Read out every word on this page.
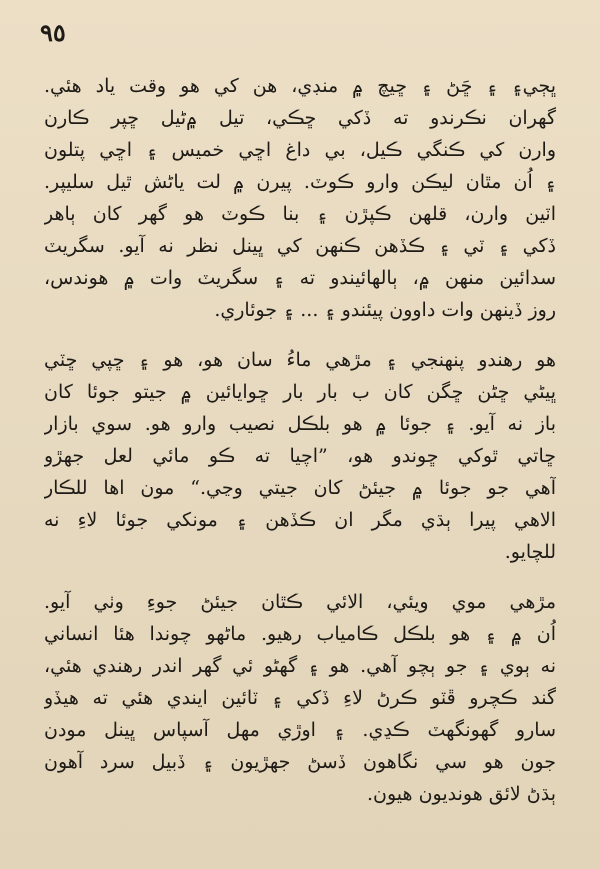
٩٥
ڀڄي۽ ۽ ڇَڻ ۽ ڇيچ ۾ منڊي، هن کي هو وقت ياد هئي.
گهران نڪرندو ته ڏکي ڇڪي، تيل ۾ڻيل ڇپر ڪارن
وارن کي ڪنگي ڪيل، بي داغ اڇي خميس ۽ اڇي پتلون
۽ اُن مٿان ليڪن وارو ڪوٽ. پيرن ۾ لت ياڻش ٿيل سليپر.
اٽين وارن، قلهن ڪپڙن ۽ بنا ڪوٽ هو گهر کان ٻاهر
ڏکي ۽ ٽي ۽ ڪڏهن ڪنهن کي ڀينل نظر نه آيو. سگريٽ
سدائين منهن ۾، ٻالهائيندو ته ۽ سگريٽ وات ۾ هوندس،
روز ڏينهن وات داوون پيئندو ۽ ... ۽ جوئاري.
هو رهندو پنهنجي ۽ مڙهي ماءُ سان هو، هو ۽ ڇپي ڇٽي
ڀيڻي ڇڻن ڇگن کان ب بار بار ڇوايائين ۾ جيتو جوئا کان
باز نه آيو. ۽ جوئا ۾ هو بلڪل نصيب وارو هو. سوي بازار
ڇاتي ٿوکي ڇوندو هو، ”اچيا ته ڪو مائي لعل جهڙو
آهي جو جوئا ۾ جيئڻ کان جيتي وڃي.“ مون اها للڪار
الاهي پيرا ٻڌي مگر ان ڪڏهن ۽ مونکي جوئا لاءِ نه
للچايو.
مڙهي موي ويئي، الائي ڪٿان جيئڻ جوءِ وٺي آيو.
اُن ۾ ۽ هو بلڪل ڪامياب رهيو. ماڻهو چوندا هئا انساني
نه ٻوي ۽ جو ٻچو آهي. هو ۽ گهڻو ئي گهر اندر رهندي هئي،
گند ڪچرو ڦٽو ڪرڻ لاءِ ڏکي ۽ ٽائين ايندي هئي ته هيڏو
سارو گهونگهٽ ڪڍي. ۽ اوڙي مهل آسپاس ڀينل مودن
جون هو سي نگاهون ڏسڻ جهڙيون ۽ ڏبيل سرد آهون
ٻڌڻ لائق هونديون هيون.
